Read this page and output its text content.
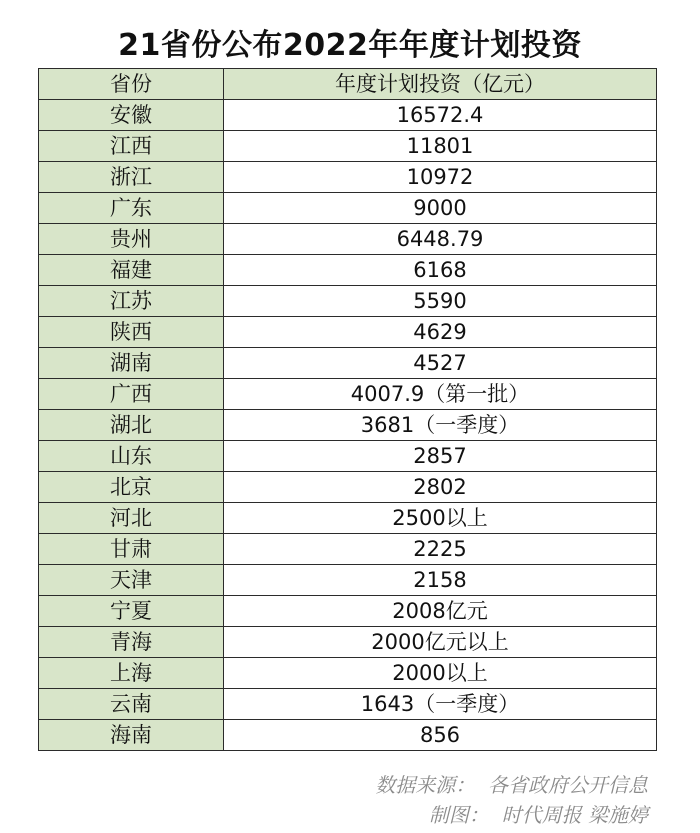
21省份公布2022年年度计划投资
省份	年度计划投资（亿元）
安徽	16572.4
江西	11801
浙江	10972
广东	9000
贵州	6448.79
福建	6168
江苏	5590
陕西	4629
湖南	4527
广西	4007.9（第一批）
湖北	3681（一季度）
山东	2857
北京	2802
河北	2500以上
甘肃	2225
天津	2158
宁夏	2008亿元
青海	2000亿元以上
上海	2000以上
云南	1643（一季度）
海南	856
数据来源：  各省政府公开信息
制图：  时代周报 梁施婷
